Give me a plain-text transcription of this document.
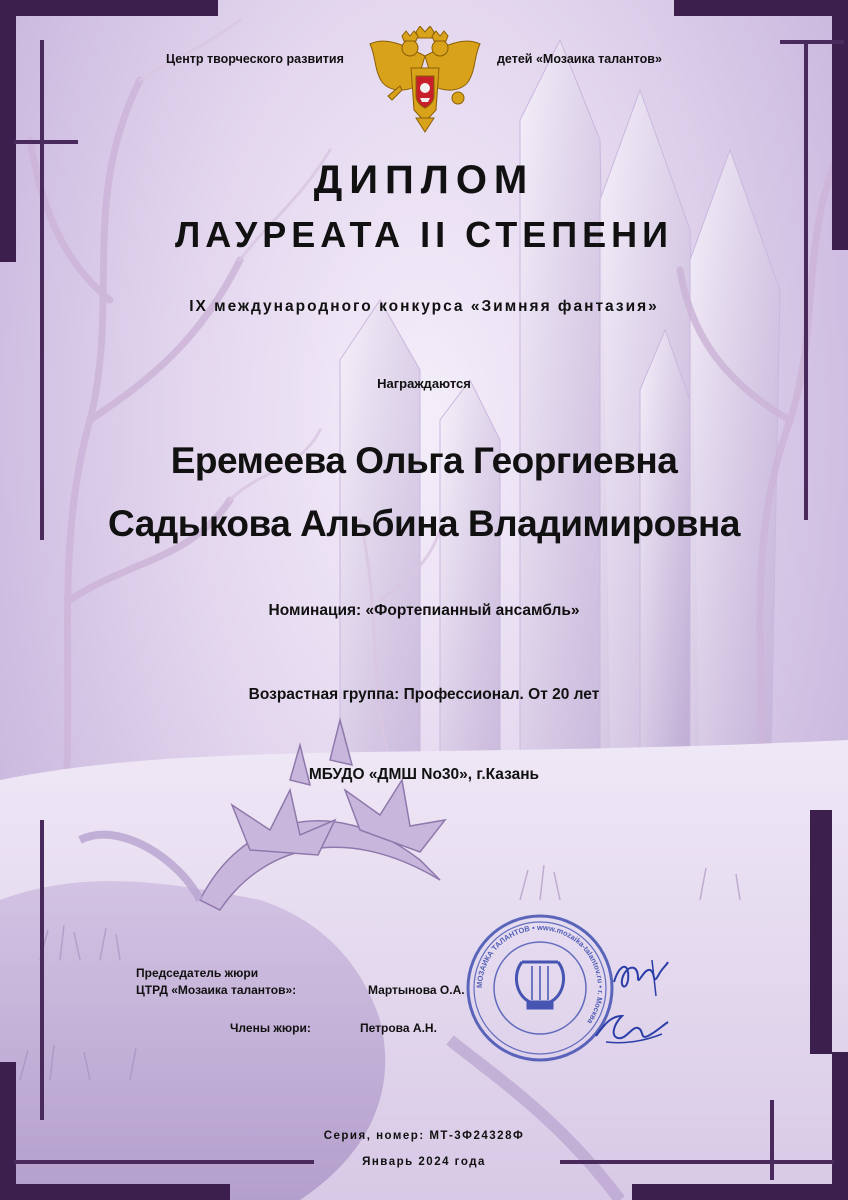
Центр творческого развития	детей «Мозаика талантов»
ДИПЛОМ
ЛАУРЕАТА II СТЕПЕНИ
IX международного конкурса «Зимняя фантазия»
Награждаются
Еремеева Ольга Георгиевна
Садыкова Альбина Владимировна
Номинация: «Фортепианный ансамбль»
Возрастная группа: Профессионал. От 20 лет
МБУДО «ДМШ No30», г.Казань
Председатель жюри
ЦТРД «Мозаика талантов»:	Мартынова О.А.
Члены жюри:	Петрова А.Н.
МОЗАИКА ТАЛАНТОВ • www.mozaika-talantov.ru • г. Москва
Серия, номер: МТ-3Ф24328Ф
Январь 2024 года
